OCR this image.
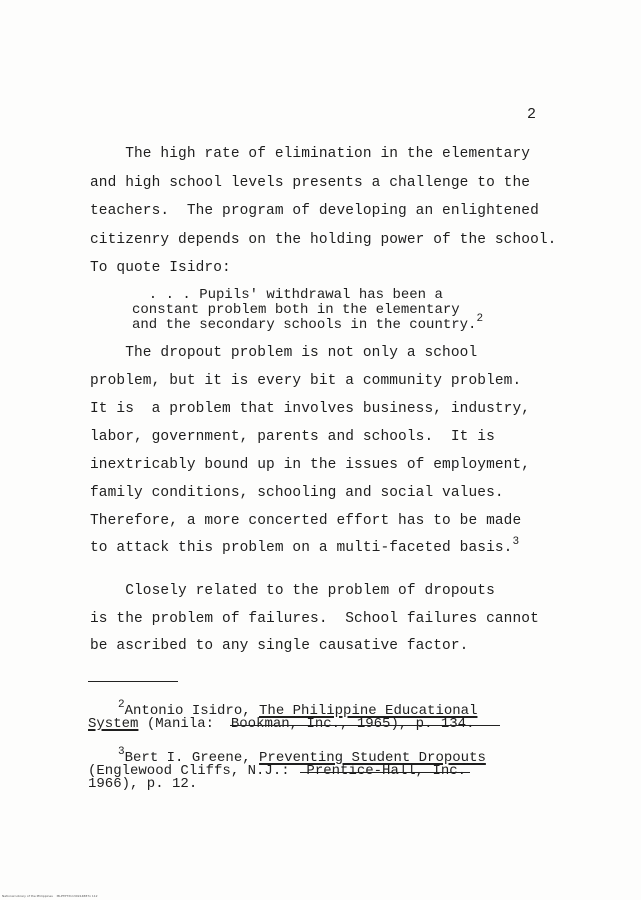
2
The high rate of elimination in the elementary
and high school levels presents a challenge to the
teachers.  The program of developing an enlightened
citizenry depends on the holding power of the school.
To quote Isidro:
. . . Pupils' withdrawal has been a
constant problem both in the elementary
and the secondary schools in the country.$^2$
The dropout problem is not only a school
problem, but it is every bit a community problem.
It is  a problem that involves business, industry,
labor, government, parents and schools.  It is
inextricably bound up in the issues of employment,
family conditions, schooling and social values.
Therefore, a more concerted effort has to be made
to attack this problem on a multi-faceted basis.$^3$
Closely related to the problem of dropouts
is the problem of failures.  School failures cannot
be ascribed to any single causative factor.
$^2$Antonio Isidro, The Philippine Educational
System (Manila:  Bookman, Inc., 1965), p. 134.
$^3$Bert I. Greene, Preventing Student Dropouts
(Englewood Cliffs, N.J.:  Prentice-Hall, Inc.
1966), p. 12.
National Library of the Philippines    MLPTPT31134914887x 112
